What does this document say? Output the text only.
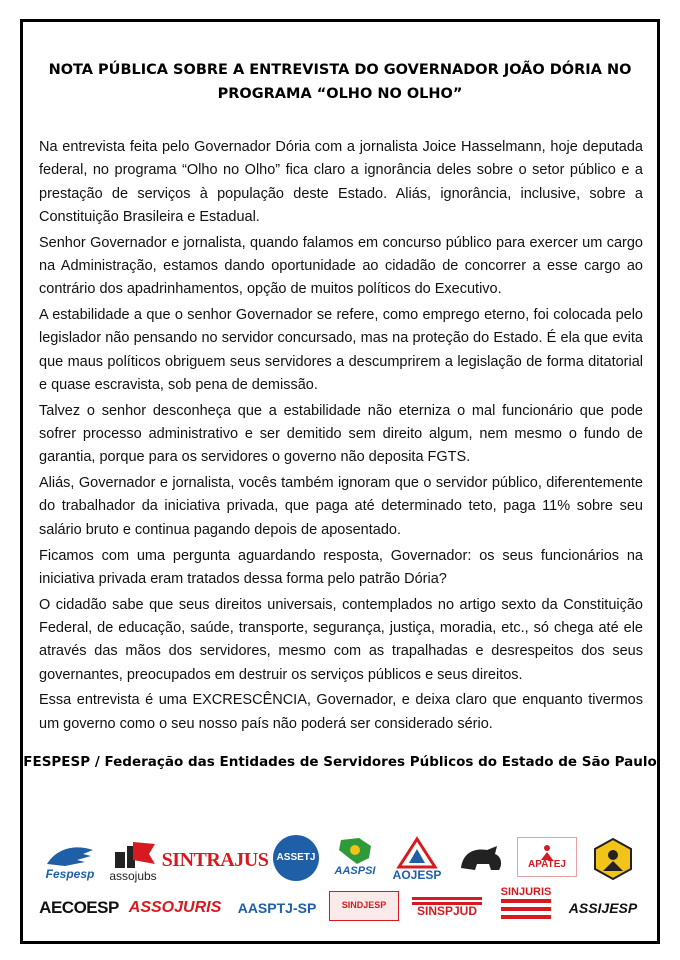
NOTA PÚBLICA SOBRE A ENTREVISTA DO GOVERNADOR JOÃO DÓRIA NO
PROGRAMA “OLHO NO OLHO”

Na entrevista feita pelo Governador Dória com a jornalista Joice Hasselmann, hoje deputada federal, no programa “Olho no Olho” fica claro a ignorância deles sobre o setor público e a prestação de serviços à população deste Estado. Aliás, ignorância, inclusive, sobre a Constituição Brasileira e Estadual.

Senhor Governador e jornalista, quando falamos em concurso público para exercer um cargo na Administração, estamos dando oportunidade ao cidadão de concorrer a esse cargo ao contrário dos apadrinhamentos, opção de muitos políticos do Executivo.

A estabilidade a que o senhor Governador se refere, como emprego eterno, foi colocada pelo legislador não pensando no servidor concursado, mas na proteção do Estado. É ela que evita que maus políticos obriguem seus servidores a descumprirem a legislação de forma ditatorial e quase escravista, sob pena de demissão.

Talvez o senhor desconheça que a estabilidade não eterniza o mal funcionário que pode sofrer processo administrativo e ser demitido sem direito algum, nem mesmo o fundo de garantia, porque para os servidores o governo não deposita FGTS.

Aliás, Governador e jornalista, vocês também ignoram que o servidor público, diferentemente do trabalhador da iniciativa privada, que paga até determinado teto, paga 11% sobre seu salário bruto e continua pagando depois de aposentado.

Ficamos com uma pergunta aguardando resposta, Governador: os seus funcionários na iniciativa privada eram tratados dessa forma pelo patrão Dória?

O cidadão sabe que seus direitos universais, contemplados no artigo sexto da Constituição Federal, de educação, saúde, transporte, segurança, justiça, moradia, etc., só chega até ele através das mãos dos servidores, mesmo com as trapalhadas e desrespeitos dos seus governantes, preocupados em destruir os serviços públicos e seus direitos.

Essa entrevista é uma EXCRESCÊNCIA, Governador, e deixa claro que enquanto tivermos um governo como o seu nosso país não poderá ser considerado sério.

FESPESP / Federação das Entidades de Servidores Públicos do Estado de São Paulo
Fespesp assojubs
SINTRAJUS ASSETJ
AASPSI AOJESP
APATEJ
AECOESP ASSOJURIS AASPTJ-SP	SINDJESP	SINSPJUD
SINJURIS
ASSIJESP
